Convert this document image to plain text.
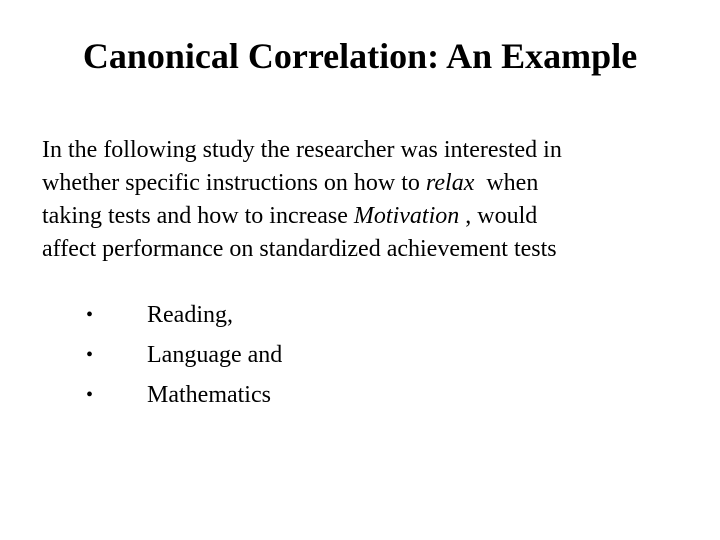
Canonical Correlation: An Example
In the following study the researcher was interested in
whether specific instructions on how to relax  when
taking tests and how to increase Motivation , would
affect performance on standardized achievement tests
• Reading,
• Language and
• Mathematics
